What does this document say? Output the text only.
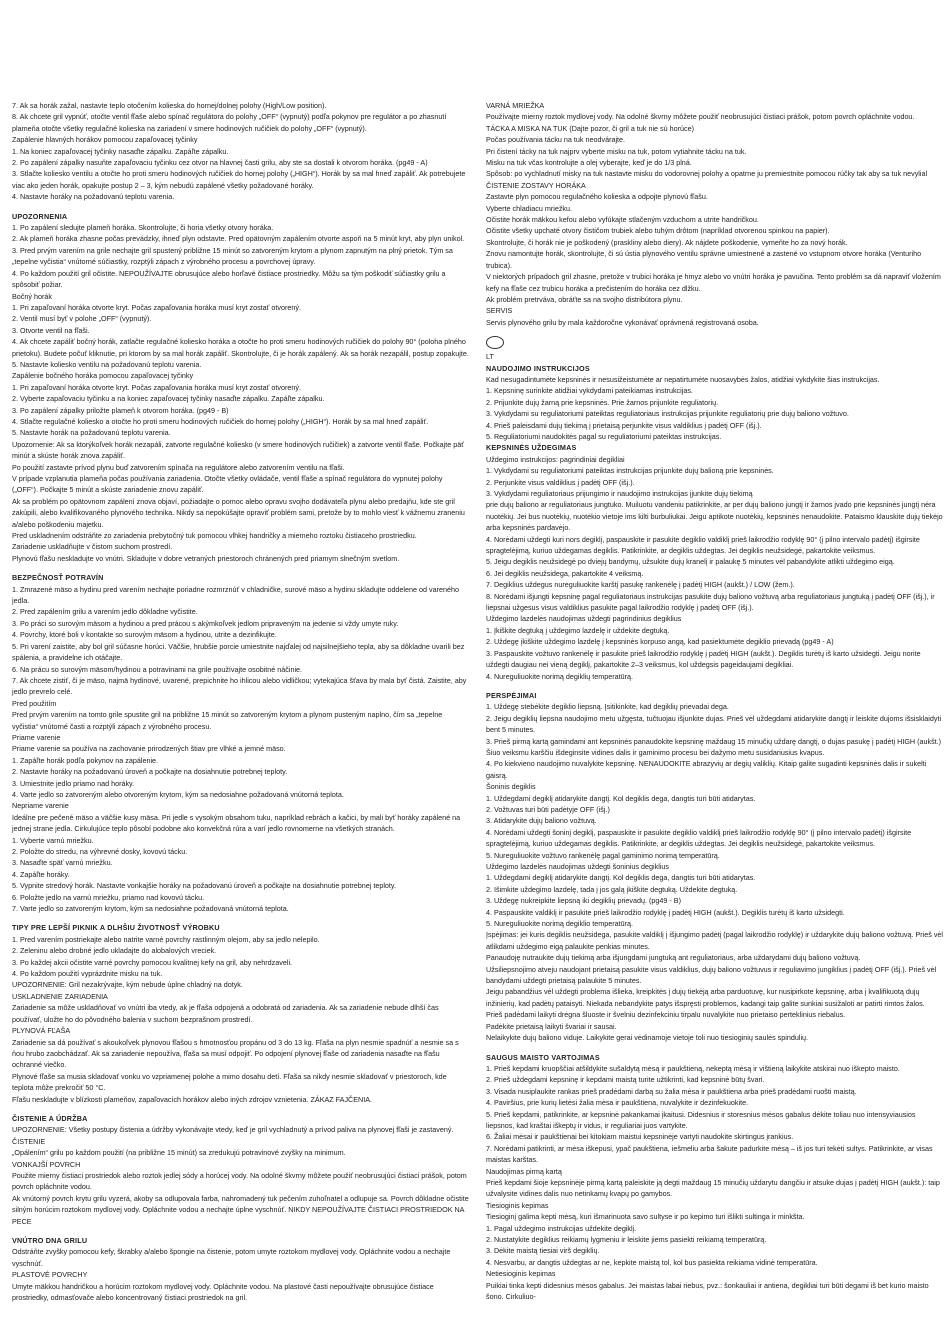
7. Ak sa horák zažal, nastavte teplo otočením kolieska do hornej/dolnej polohy (High/Low position).
8. Ak chcete gril vypnúť, otočte ventil fľaše alebo spínač regulátora do polohy „OFF“ (vypnutý) podľa pokynov pre regulátor a po zhasnutí plameňa otočte všetky regulačné kolieska na zariadení v smere hodinových ručičiek do polohy „OFF“ (vypnutý).
Zapálenie hlavných horákov pomocou zapaľovacej tyčinky
1. Na koniec zapaľovacej tyčinky nasaďte zápalku. Zapáľte zápalku.
2. Po zapálení zápalky nasuňte zapaľovaciu tyčinku cez otvor na hlavnej časti grilu, aby ste sa dostali k otvorom horáka. (pg49 - A)
3. Stlačte koliesko ventilu a otočte ho proti smeru hodinových ručičiek do hornej polohy („HIGH“). Horák by sa mal hneď zapáliť. Ak potrebujete viac ako jeden horák, opakujte postup 2 – 3, kým nebudú zapálené všetky požadované horáky.
4. Nastavte horáky na požadovanú teplotu varenia.
UPOZORNENIA
1. Po zapálení sledujte plameň horáka. Skontrolujte, či horia všetky otvory horáka.
2. Ak plameň horáka zhasne počas prevádzky, ihneď plyn odstavte. Pred opätovným zapálením otvorte aspoň na 5 minút kryt, aby plyn unikol.
3. Pred prvým varením na grile nechajte gril spustený približne 15 minút so zatvoreným krytom a plynom zapnutým na plný prietok. Tým sa „tepelne vyčistia“ vnútorné súčiastky, rozptýli zápach z výrobného procesu a povrchovej úpravy.
4. Po každom použití gril očistite. NEPOUŽÍVAJTE obrusujúce alebo horľavé čistiace prostriedky. Môžu sa tým poškodiť súčiastky grilu a spôsobiť požiar.
Bočný horák
1. Pri zapaľovaní horáka otvorte kryt. Počas zapaľovania horáka musí kryt zostať otvorený.
2. Ventil musí byť v polohe „OFF“ (vypnutý).
3. Otvorte ventil na fľaši.
4. Ak chcete zapáliť bočný horák, zatlačte regulačné koliesko horáka a otočte ho proti smeru hodinových ručičiek do polohy 90° (poloha plného prietoku). Budete počuť kliknutie, pri ktorom by sa mal horák zapáliť. Skontrolujte, či je horák zapálený. Ak sa horák nezapálil, postup zopakujte.
5. Nastavte koliesko ventilu na požadovanú teplotu varenia.
Zapálenie bočného horáka pomocou zapaľovacej tyčinky
1. Pri zapaľovaní horáka otvorte kryt. Počas zapaľovania horáka musí kryt zostať otvorený.
2. Vyberte zapaľovaciu tyčinku a na koniec zapaľovacej tyčinky nasaďte zápalku. Zapáľte zápalku.
3. Po zapálení zápalky priložte plameň k otvorom horáka. (pg49 - B)
4. Stlačte regulačné koliesko a otočte ho proti smeru hodinových ručičiek do hornej polohy („HIGH“). Horák by sa mal hneď zapáliť.
5. Nastavte horák na požadovanú teplotu varenia.
Upozornenie: Ak sa ktorýkoľvek horák nezapáli, zatvorte regulačné koliesko (v smere hodinových ručičiek) a zatvorte ventil fľaše. Počkajte päť minút a skúste horák znova zapáliť.
Po použití zastavte prívod plynu buď zatvorením spínača na regulátore alebo zatvorením ventilu na fľaši.
V prípade vzplanutia plameňa počas používania zariadenia. Otočte všetky ovládače, ventil fľaše a spínač regulátora do vypnutej polohy („OFF“). Počkajte 5 minút a skúste zariadenie znovu zapáliť.
Ak sa problém po opätovnom zapálení znova objaví, požiadajte o pomoc alebo opravu svojho dodávateľa plynu alebo predajňu, kde ste gril zakúpili, alebo kvalifikovaného plynového technika. Nikdy sa nepokúšajte opraviť problém sami, pretože by to mohlo viesť k vážnemu zraneniu a/alebo poškodeniu majetku.
Pred uskladnením odstráňte zo zariadenia prebytočný tuk pomocou vlhkej handričky a miemeho roztoku čistiaceho prostriedku.
Zariadenie uskladňujte v čistom suchom prostredí.
Plynovú fľašu neskladujte vo vnútri. Skladujte v dobre vetraných priestoroch chránených pred priamym slnečným svetlom.
BEZPEČNOSŤ POTRAVÍN
1. Zmrazené mäso a hydinu pred varením nechajte poriadne rozmrznúť v chladničke, surové mäso a hydinu skladujte oddelene od vareného jedla.
2. Pred zapálením grilu a varením jedlo dôkladne vyčistite.
3. Po práci so surovým mäsom a hydinou a pred prácou s akýmkoľvek jedlom pripraveným na jedenie si vždy umyte ruky.
4. Povrchy, ktoré boli v kontakte so surovým mäsom a hydinou, utrite a dezinfikujte.
5. Pri varení zaistite, aby bol gril súčasne horúci. Väčšie, hrubšie porcie umiestnite najďalej od najsilnejšieho tepla, aby sa dôkladne uvarili bez spálenia, a pravidelne ich otáčajte.
6. Na prácu so surovým mäsom/hydinou a potravinami na grile používajte osobitné náčinie.
7. Ak chcete zistiť, či je mäso, najmä hydinové, uvarené, prepichnite ho ihlicou alebo vidličkou; vytekajúca šťava by mala byť čistá. Zaistite, aby jedlo prevrelo celé.
Pred použitím
Pred prvým varením na tomto grile spustite gril na približne 15 minút so zatvoreným krytom a plynom pusteným naplno, čím sa „tepelne vyčistia“ vnútorné časti a rozptýli zápach z výrobného procesu.
Priame varenie
Priame varenie sa používa na zachovanie prirodzených štiav pre vlhké a jemné mäso.
1. Zapáľte horák podľa pokynov na zapálenie.
2. Nastavte horáky na požadovanú úroveň a počkajte na dosiahnutie potrebnej teploty.
3. Umiestnite jedlo priamo nad horáky.
4. Varte jedlo so zatvoreným alebo otvoreným krytom, kým sa nedosiahne požadovaná vnútorná teplota.
Nepriame varenie
Ideálne pre pečené mäso a väčšie kusy mäsa. Pri jedle s vysokým obsahom tuku, napríklad rebrách a kačici, by mali byť horáky zapálené na jednej strane jedla. Cirkulujúce teplo pôsobí podobne ako konvekčná rúra a varí jedlo rovnomerne na všetkých stranách.
1. Vyberte varnú mriežku.
2. Položte do stredu, na výhrevné dosky, kovovú tácku.
3. Nasaďte späť varnú mriežku.
4. Zapáľte horáky.
5. Vypnite stredový horák. Nastavte vonkajšie horáky na požadovanú úroveň a počkajte na dosiahnutie potrebnej teploty.
6. Položte jedlo na varnú mriežku, priamo nad kovovú tácku.
7. Varte jedlo so zatvoreným krytom, kým sa nedosiahne požadovaná vnútorná teplota.
TIPY PRE LEPŠÍ PIKNIK A DLHŠIU ŽIVOTNOSŤ VÝROBKU
1. Pred varením postriekajte alebo natrite varné povrchy rastlinným olejom, aby sa jedlo nelepilo.
2. Zeleninu alebo drobné jedlo ukladajte do alobalových vreciek.
3. Po každej akcii očistite varné povrchy pomocou kvalitnej kefy na gril, aby nehrdzaveli.
4. Po každom použití vyprázdnite misku na tuk.
UPOZORNENIE: Gril nezakrývajte, kým nebude úplne chladný na dotyk.
USKLADNENIE ZARIADENIA
Zariadenie sa môže uskladňovať vo vnútri iba vtedy, ak je fľaša odpojená a odobratá od zariadenia. Ak sa zariadenie nebude dlhší čas používať, uložte ho do pôvodného balenia v suchom bezprašnom prostredí.
PLYNOVÁ FĽAŠA
Zariadenie sa dá používať s akoukoľvek plynovou fľašou s hmotnosťou propánu od 3 do 13 kg. Fľaša na plyn nesmie spadnúť a nesmie sa s ňou hrubo zaobchádzať. Ak sa zariadenie nepoužíva, fľaša sa musí odpojiť. Po odpojení plynovej fľaše od zariadenia nasaďte na fľašu ochranné viečko.
Plynové fľaše sa musia skladovať vonku vo vzpriamenej polohe a mimo dosahu detí. Fľaša sa nikdy nesmie skladovať v priestoroch, kde teplota môže prekročiť 50 °C.
Fľašu neskladujte v blízkosti plameňov, zapaľovacích horákov alebo iných zdrojov vznietenia. ZÁKAZ FAJČENIA.
ČISTENIE A ÚDRŽBA
UPOZORNENIE: Všetky postupy čistenia a údržby vykonávajte vtedy, keď je gril vychladnutý a prívod paliva na plynovej fľaši je zastavený.
ČISTENIE
„Opálením“ grilu po každom použití (na približne 15 minút) sa zredukujú potravinové zvyšky na minimum.
VONKAJŠÍ POVRCH
Použite mierny čistiaci prostriedok alebo roztok jedlej sódy a horúcej vody. Na odolné škvrny môžete použiť neobrusujúci čistiaci prášok, potom povrch opláchnite vodou.
Ak vnútorný povrch krytu grilu vyzerá, akoby sa odlupovala farba, nahromadený tuk pečením zuhoľnatel a odlupuje sa. Povrch dôkladne očistite silným horúcim roztokom mydlovej vody. Opláchnite vodou a nechajte úplne vyschnúť. NIKDY NEPOUŽÍVAJTE ČISTIACI PROSTRIEDOK NA PECE
VNÚTRO DNA GRILU
Odstráňte zvyšky pomocou kefy, škrabky a/alebo špongie na čistenie, potom umyte roztokom mydlovej vody. Opláchnite vodou a nechajte vyschnúť.
PLASTOVÉ POVRCHY
Umyte mäkkou handričkou a horúcim roztokom mydlovej vody. Opláchnite vodou. Na plastové časti nepoužívajte obrusujúce čistiace prostriedky, odmasťovače alebo koncentrovaný čistiaci prostriedok na gril.
VARNÁ MRIEŽKA
Používajte mierny roztok mydlovej vody. Na odolné škvrny môžete použiť neobrusujúci čistiaci prášok, potom povrch opláchnite vodou.
TÁCKA A MISKA NA TUK (Dajte pozor, či gril a tuk nie sú horúce)
Počas používania tácku na tuk neodvárajte.
Pri čistení tácky na tuk najprv vyberte misku na tuk, potom vytiahnite tácku na tuk.
Misku na tuk včas kontrolujte a olej vyberajte, keď je do 1/3 plná.
Spôsob: po vychladnutí misky na tuk nastavte misku do vodorovnej polohy a opatrne ju premiestnite pomocou rúčky tak aby sa tuk nevylial
ČISTENIE ZOSTAVY HORÁKA
Zastavte plyn pomocou regulačného kolieska a odpojte plynovú fľašu.
Vyberte chladiacu mriežku.
Očistite horák mäkkou kefou alebo vyfúkajte stlačeným vzduchom a utrite handričkou.
Očistite všetky upchaté otvory čističom trubiek alebo tuhým drôtom (napríklad otvorenou spinkou na papier).
Skontrolujte, či horák nie je poškodený (praskliny alebo diery). Ak nájdete poškodenie, vymeňte ho za nový horák.
Znovu namontujte horák, skontrolujte, či sú ústia plynového ventilu správne umiestnené a zastené vo vstupnom otvore horáka (Venturiho trubica).
V niektorých prípadoch gril zhasne, pretože v trubici horáka je hmyz alebo vo vnútri horáka je pavučina. Tento problém sa dá napraviť vložením kefy na fľaše cez trubicu horáka a prečistením do horáka cez dlžku.
Ak problém pretrváva, obráťte sa na svojho distribútora plynu.
SERVIS
Servis plynového grilu by mala každoročne vykonávať oprávnená registrovaná osoba.
LT
NAUDOJIMO INSTRUKCIJOS
Kad nesugadintumėte kepsninės ir nesusižeistumėte ar nepatirtumėte nuosavybės žalos, atidžiai vykdykite šias instrukcijas.
1. Kepsninę surinkite atidžiai vykdydami pateikiamas instrukcijas.
2. Prijunkite dujų žarną prie kepsninės. Prie žarnos prijunkite reguliatorių.
3. Vykdydami su reguliatoriumi pateiktas reguliatoriaus instrukcijas prijunkite reguliatorių prie dujų baliono vožtuvo.
4. Prieš paleisdami dujų tiekimą į prietaisą perjunkite visus valdiklius į padėtį OFF (išj.).
5. Reguliatoriumi naudokitės pagal su reguliatoriumi pateiktas instrukcijas.
KEPSNINĖS UŽDEGIMAS
Uždegimo instrukcijos: pagrindiniai degikliai
1. Vykdydami su reguliatoriumi pateiktas instrukcijas prijunkite dujų balioną prie kepsninės.
2. Perjunkite visus valdiklius į padėtį OFF (išj.).
3. Vykdydami reguliatoriaus prijungimo ir naudojimo instrukcijas įjunkite dujų tiekimą
prie dujų baliono ar reguliatoriaus jungtuko. Muiluotu vandeniu patikrinkite, ar per dujų baliono jungtį ir žarnos jvado prie kepsninės jungtį nėra nuotėkių. Jei bus nuotėkių, nuotėkio vietoje ims kilti burbuliukai. Jeigu aptikote nuotėkių, kepsninės nenaudokite. Pataismo klauskite dujų tiekėjo arba kepsninės pardavėjo.
4. Norėdami uždegti kuri nors degiklį, paspauskite ir pasukite degiklio valdiklį prieš laikrodžio rodyklę 90° (į pilno intervalo padėtį) išgirsite spragtelėjimą, kuriuo uždegamas degiklis. Patikrinkite, ar degiklis uždegtas. Jei degiklis neužsidegė, pakartokite veiksmus.
5. Jeigu degiklis neužsidegė po dviejų bandymų, užsukite dujų kranelį ir palaukę 5 minutes vėl pabandykite atlikti uždegimo eigą.
6. Jei degiklis neužsidega, pakartokite 4 veiksmą.
7. Degiklius uždegus nureguliuokite karštį pasukę rankenėlę į padėtį HIGH (aukšt.) / LOW (žem.).
8. Norėdami išjungti kepsninę pagal reguliatoriaus instrukcijas pasukite dujų baliono vožtuvą arba reguliatoriaus jungtuką į padėtį OFF (išj.), ir liepsnai užgesus visus valdiklius pasukite pagal laikrodžio rodyklę į padėtį OFF (išj.).
Uždegimo lazdelės naudojimas uždegti pagrindinius degiklius
1. Įkiškite degtuką į uždegimo lazdelę ir uždekite degtuką.
2. Uždegę įkiškite uždegimo lazdelę į kepsninės korpuso angą, kad pasiektumėte degiklio prievadą (pg49 - A)
3. Paspauskite vožtuvo rankenėlę ir pasukite prieš laikrodžio rodyklę į padėtį HIGH (aukšt.). Degiklis turėtų iš karto užsidegti. Jeigu norite uždegti daugiau nei vieną degiklį, pakartokite 2–3 veiksmus, kol uždegsis pageidaujami degikliai.
4. Nureguliuokite norimą degiklių temperatūrą.
PERSPĖJIMAI
1. Uždegę stebėkite degiklio liepsną. Įsitikinkite, kad degiklių prievadai dega.
2. Jeigu degiklių liepsna naudojimo metu užgęsta, tučtuojau išjunkite dujas. Prieš vėl uždegdami atidarykite dangtį ir leiskite dujoms išsisklaidyti bent 5 minutes.
3. Prieš pirmą kartą gamindami ant kepsninės panaudokite kepsninę maždaug 15 minučių uždarę dangtį, o dujas pasukę į padėtį HIGH (aukšt.) Šiuo veiksmu karščiu išdeginsite vidines dalis ir gaminimo procesu bei dažymo metu susidariusius kvapus.
4. Po kiekvieno naudojimo nuvalykite kepsninę. NENAUDOKITE abrazyvių ar degių valiklių. Kitaip galite sugadinti kepsninės dalis ir sukelti gaisrą.
Šoninis degiklis
1. Uždegdami degiklį atidarykite dangtį. Kol degiklis dega, dangtis turi būti atidarytas.
2. Vožtuvas turi būti padėtyje OFF (išj.)
3. Atidarykite dujų baliono vožtuvą.
4. Norėdami uždegti šoninį degiklį, paspauskite ir pasukite degiklio valdiklį prieš laikrodžio rodyklę 90° (į pilno intervalo padėtį) išgirsite spragtelėjimą, kuriuo uždegamas degiklis. Patikrinkite, ar degiklis uždegtas. Jei degiklis neužsidegė, pakartokite veiksmus.
5. Nureguliuokite vožtuvo rankenėlę pagal gaminimo norimą temperatūrą.
Uždegimo lazdelės naudojimas uždegti šoninius degiklius
1. Uždegdami degiklį atidarykite dangtį. Kol degiklis dega, dangtis turi būti atidarytas.
2. Išimkite uždegimo lazdelę, tada į jos galą įkiškite degtuką. Uždekite degtuką.
3. Uždegę nukreipkite liepsną iki degiklių prievadų. (pg49 - B)
4. Paspauskite valdiklį ir pasukite prieš laikrodžio rodyklę į padėtį HIGH (aukšt.). Degiklis turėtų iš karto užsidegti.
5. Nureguliuokite norimą degiklio temperatūrą.
Įspėjimas: jei kuris degiklis neužsidega, pasukite valdiklį į išjungimo padėtį (pagal laikrodžio rodyklę) ir uždarykite dujų baliono vožtuvą. Prieš vėl atlikdami uždegimo eigą palaukite penkias minutes.
Panaudoję nutraukite dujų tiekimą arba išjungdami jungtuką ant reguliatoriaus, arba uždarydami dujų baliono vožtuvą.
Užsiliepsnojimo atveju naudojant prietaisą pasukite visus valdiklius, dujų baliono vožtuvus ir reguliavimo jungiklius į padėtį OFF (išj.). Prieš vėl bandydami uždegti prietaisą palaukite 5 minutes.
Jeigu pabandžius vėl uždegti problema išlieka, kreipkitės į dujų tiekėją arba parduotuvę, kur nusipirkote kepsninę, arba į kvalifikuotą dujų inžinierių, kad padėtų pataisyti. Niekada nebandykite patys išspręsti problemos, kadangi taip galite sunkiai susižaloti ar patirti rimtos žalos.
Prieš padėdami laikyti drėgna šluoste ir švelniu dezinfekciniu tirpalu nuvalykite nuo prietaiso perteklinius riebalus.
Padėkite prietaisą laikyti švariai ir sausai.
Nelaikykite dujų baliono viduje. Laikykite gerai vėdinamoje vietoje toli nuo tiesioginių saulės spindulių.
SAUGUS MAISTO VARTOJIMAS
1. Prieš kepdami kruopščiai atšildykite sušaldytą mėsą ir paukštieną, nekeptą mėsą ir vištieną laikykite atskirai nuo iškepto maisto.
2. Prieš uždegdami kepsninę ir kepdami maistą turite užtikrinti, kad kepsninė būtų švari.
3. Visada nusiplaukite rankas prieš pradėdami darbą su žalia mėsa ir paukštiena arba prieš pradėdami ruošti maistą.
4. Paviršius, prie kurių lietėsi žalia mėsa ir paukštiena, nuvalykite ir dezinfekuokite.
5. Prieš kepdami, patikrinkite, ar kepsninė pakankamai įkaitusi. Didesnius ir storesnius mėsos gabalus dėkite toliau nuo intensyviausios liepsnos, kad kraštai iškeptų ir vidus, ir reguliariai juos vartykite.
6. Žaliai mėsai ir paukštienai bei kitokiam maistui kepsninėje vartyti naudokite skirtingus įrankius.
7. Norėdami patikrinti, ar mėsa iškepusi, ypač paukštiena, iešmeliu arba šakute padurkite mėsą – iš jos turi tekėti sultys. Patikrinkite, ar visas maistas karštas.
Naudojimas pirmą kartą
Prieš kepdami šioje kepsninėje pirmą kartą paleiskite ją degti maždaug 15 minučių uždarytu dangčiu ir atsuke dujas į padėtį HIGH (aukšt.): taip užvalysite vidines dalis nuo netinkamų kvapų po gamybos.
Tiesioginis kepimas
Tiesioginį galima kepti mėsą, kuri išmarinuota savo sultyse ir po kepimo turi išlikti sultinga ir minkšta.
1. Pagal uždegimo instrukcijas uždekite degiklį.
2. Nustatykite degiklius reikiamų lygmeniu ir leiskite jiems pasiekti reikiamą temperatūrą.
3. Dėkite maistą tiesiai virš degiklių.
4. Nesvarbu, ar dangtis uždegtas ar ne, kepkite maistą tol, kol bus pasiekta reikiama vidinė temperatūra.
Netiesioginis kepimas
Puikiai tinka kepti didesnius mėsos gabalus. Jei maistas labai riebus, pvz.: šonkauliai ir antiena, degikliai turi būti degami iš bet kurio maisto šono. Cirkuliuo-
